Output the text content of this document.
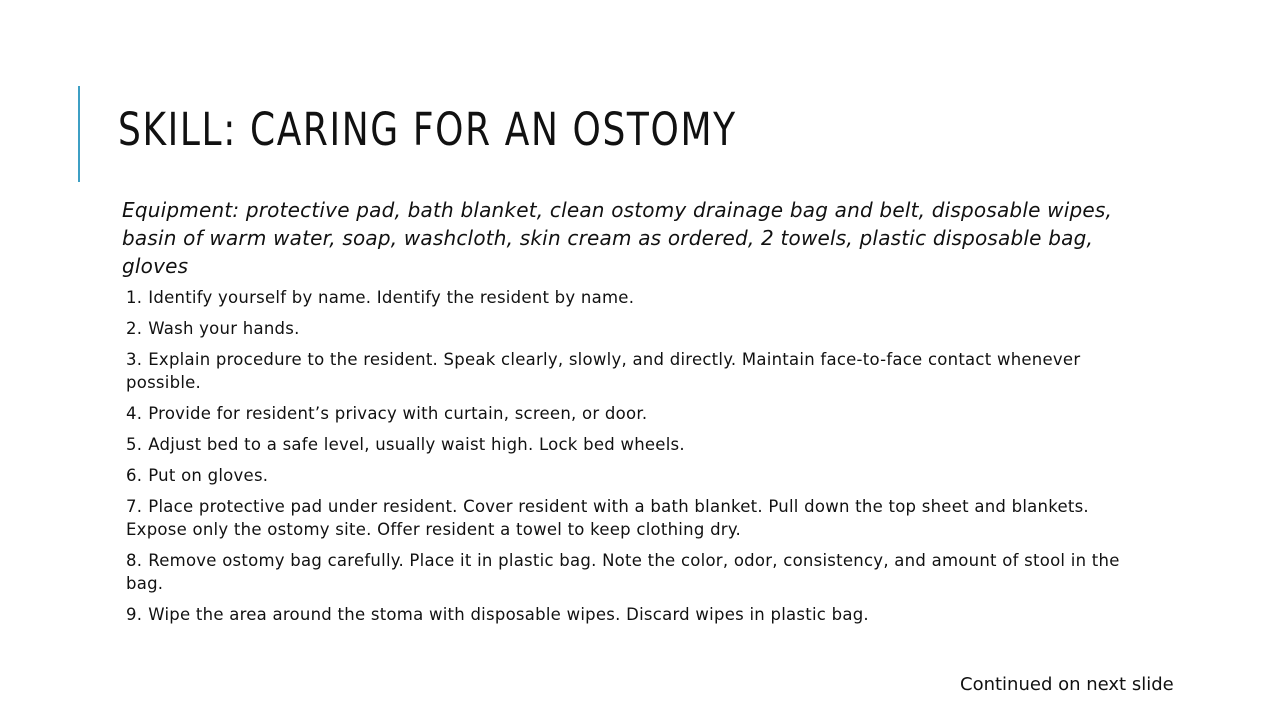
SKILL: CARING FOR AN OSTOMY

Equipment: protective pad, bath blanket, clean ostomy drainage bag and belt, disposable wipes, basin of warm water, soap, washcloth, skin cream as ordered, 2 towels, plastic disposable bag, gloves

1. Identify yourself by name. Identify the resident by name.
2. Wash your hands.
3. Explain procedure to the resident. Speak clearly, slowly, and directly. Maintain face-to-face contact whenever possible.
4. Provide for resident’s privacy with curtain, screen, or door.
5. Adjust bed to a safe level, usually waist high. Lock bed wheels.
6. Put on gloves.
7. Place protective pad under resident. Cover resident with a bath blanket. Pull down the top sheet and blankets. Expose only the ostomy site. Offer resident a towel to keep clothing dry.
8. Remove ostomy bag carefully. Place it in plastic bag. Note the color, odor, consistency, and amount of stool in the bag.
9. Wipe the area around the stoma with disposable wipes. Discard wipes in plastic bag.
Continued on next slide
